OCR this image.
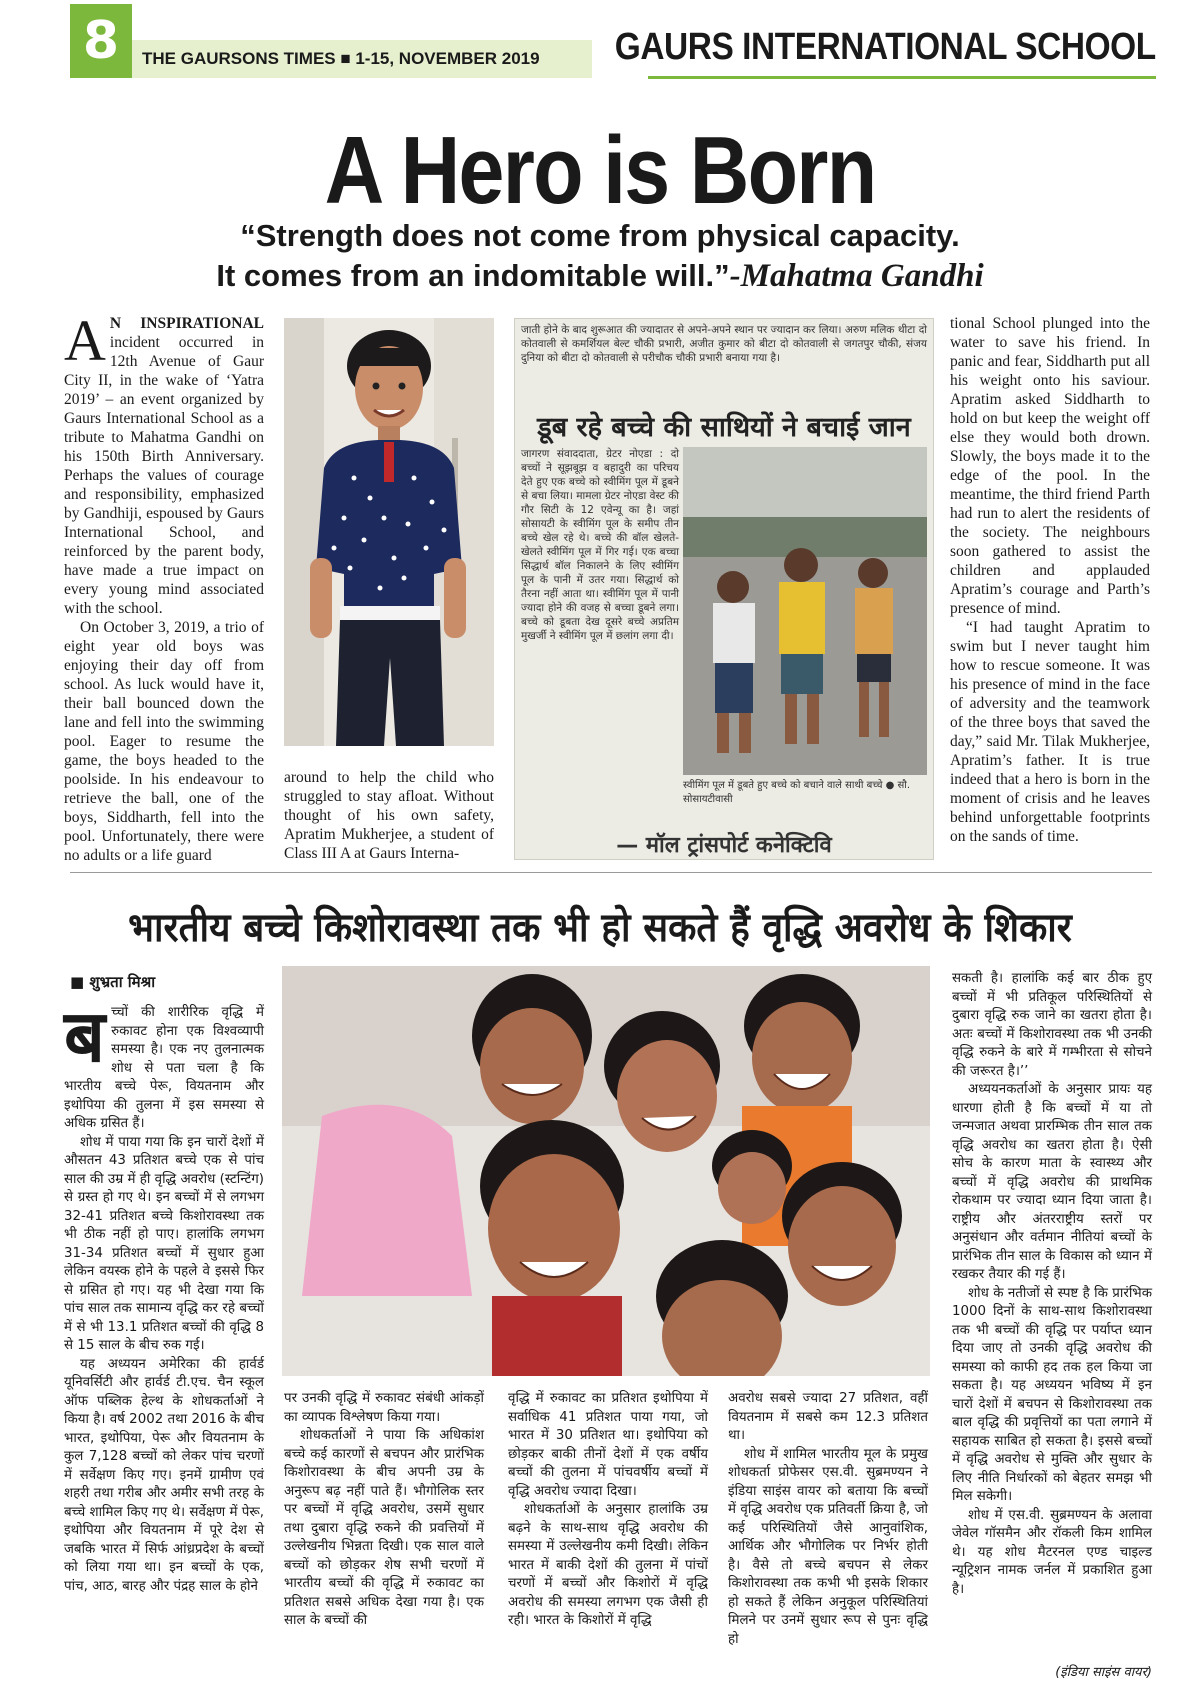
8	THE GAURSONS TIMES ■ 1-15, NOVEMBER 2019 GAURS INTERNATIONAL SCHOOL
A Hero is Born
“Strength does not come from physical capacity.
It comes from an indomitable will.”-Mahatma Gandhi

A N INSPIRATIONAL incident occurred in 12th Avenue of Gaur City II, in the wake of ‘Yatra 2019’ – an event organized by Gaurs International School as a tribute to Mahatma Gandhi on his 150th Birth Anniversary. Perhaps the values of courage and responsibility, emphasized by Gandhiji, espoused by Gaurs International School, and reinforced by the parent body, have made a true impact on every young mind associated with the school.

On October 3, 2019, a trio of eight year old boys was enjoying their day off from school. As luck would have it, their ball bounced down the lane and fell into the swimming pool. Eager to resume the game, the boys headed to the poolside. In his endeavour to retrieve the ball, one of the boys, Siddharth, fell into the pool. Unfortunately, there were no adults or a life guard

around to help the child who struggled to stay afloat. Without thought of his own safety, Apratim Mukherjee, a student of Class III A at Gaurs Interna-

जाती होने के बाद शुरूआत की ज्यादातर से अपने-अपने स्थान पर ज्यादान कर लिया। अरुण मलिक थीटा दो कोतवाली से कमर्शियल बेल्ट चौकी प्रभारी, अजीत कुमार को बीटा दो कोतवाली से जगतपुर चौकी, संजय दुनिया को बीटा दो कोतवाली से परीचौक चौकी प्रभारी बनाया गया है।
डूब रहे बच्चे की साथियों ने बचाई जान
जागरण संवाददाता, ग्रेटर नोएडा : दो बच्चों ने सूझबूझ व बहादुरी का परिचय देते हुए एक बच्चे को स्वीमिंग पूल में डूबने से बचा लिया। मामला ग्रेटर नोएडा वेस्ट की गौर सिटी के 12 एवेन्यू का है। जहां सोसायटी के स्वीमिंग पूल के समीप तीन बच्चे खेल रहे थे। बच्चे की बॉल खेलते-खेलते स्वीमिंग पूल में गिर गई। एक बच्चा सिद्धार्थ बॉल निकालने के लिए स्वीमिंग पूल के पानी में उतर गया। सिद्धार्थ को तैरना नहीं आता था। स्वीमिंग पूल में पानी ज्यादा होने की वजह से बच्चा डूबने लगा। बच्चे को डूबता देख दूसरे बच्चे अप्रतिम मुखर्जी ने स्वीमिंग पूल में छलांग लगा दी।
स्वीमिंग पूल में डूबते हुए बच्चे को बचाने वाले साथी बच्चे ● सौ. सोसायटीवासी
— मॉल ट्रांसपोर्ट कनेक्टिवि

tional School plunged into the water to save his friend. In panic and fear, Siddharth put all his weight onto his saviour. Apratim asked Siddharth to hold on but keep the weight off else they would both drown. Slowly, the boys made it to the edge of the pool. In the meantime, the third friend Parth had run to alert the residents of the society. The neighbours soon gathered to assist the children and applauded Apratim’s courage and Parth’s presence of mind.

“I had taught Apratim to swim but I never taught him how to rescue someone. It was his presence of mind in the face of adversity and the teamwork of the three boys that saved the day,” said Mr. Tilak Mukherjee, Apratim’s father. It is true indeed that a hero is born in the moment of crisis and he leaves behind unforgettable footprints on the sands of time.

भारतीय बच्चे किशोरावस्था तक भी हो सकते हैं वृद्धि अवरोध के शिकार
■ शुभ्रता मिश्रा

बच्चों की शारीरिक वृद्धि में रुकावट होना एक विश्वव्यापी समस्या है। एक नए तुलनात्मक शोध से पता चला है कि भारतीय बच्चे पेरू, वियतनाम और इथोपिया की तुलना में इस समस्या से अधिक ग्रसित हैं।

शोध में पाया गया कि इन चारों देशों में औसतन 43 प्रतिशत बच्चे एक से पांच साल की उम्र में ही वृद्धि अवरोध (स्टन्टिंग) से ग्रस्त हो गए थे। इन बच्चों में से लगभग 32-41 प्रतिशत बच्चे किशोरावस्था तक भी ठीक नहीं हो पाए। हालांकि लगभग 31-34 प्रतिशत बच्चों में सुधार हुआ लेकिन वयस्क होने के पहले वे इससे फिर से ग्रसित हो गए। यह भी देखा गया कि पांच साल तक सामान्य वृद्धि कर रहे बच्चों में से भी 13.1 प्रतिशत बच्चों की वृद्धि 8 से 15 साल के बीच रुक गई।

यह अध्ययन अमेरिका की हार्वर्ड यूनिवर्सिटी और हार्वर्ड टी.एच. चैन स्कूल ऑफ पब्लिक हेल्थ के शोधकर्ताओं ने किया है। वर्ष 2002 तथा 2016 के बीच भारत, इथोपिया, पेरू और वियतनाम के कुल 7,128 बच्चों को लेकर पांच चरणों में सर्वेक्षण किए गए। इनमें ग्रामीण एवं शहरी तथा गरीब और अमीर सभी तरह के बच्चे शामिल किए गए थे। सर्वेक्षण में पेरू, इथोपिया और वियतनाम में पूरे देश से जबकि भारत में सिर्फ आंध्रप्रदेश के बच्चों को लिया गया था। इन बच्चों के एक, पांच, आठ, बारह और पंद्रह साल के होने

पर उनकी वृद्धि में रुकावट संबंधी आंकड़ों का व्यापक विश्लेषण किया गया।

शोधकर्ताओं ने पाया कि अधिकांश बच्चे कई कारणों से बचपन और प्रारंभिक किशोरावस्था के बीच अपनी उम्र के अनुरूप बढ़ नहीं पाते हैं। भौगोलिक स्तर पर बच्चों में वृद्धि अवरोध, उसमें सुधार तथा दुबारा वृद्धि रुकने की प्रवत्तियों में उल्लेखनीय भिन्नता दिखी। एक साल वाले बच्चों को छोड़कर शेष सभी चरणों में भारतीय बच्चों की वृद्धि में रुकावट का प्रतिशत सबसे अधिक देखा गया है। एक साल के बच्चों की

वृद्धि में रुकावट का प्रतिशत इथोपिया में सर्वाधिक 41 प्रतिशत पाया गया, जो भारत में 30 प्रतिशत था। इथोपिया को छोड़कर बाकी तीनों देशों में एक वर्षीय बच्चों की तुलना में पांचवर्षीय बच्चों में वृद्धि अवरोध ज्यादा दिखा।

शोधकर्ताओं के अनुसार हालांकि उम्र बढ़ने के साथ-साथ वृद्धि अवरोध की समस्या में उल्लेखनीय कमी दिखी। लेकिन भारत में बाकी देशों की तुलना में पांचों चरणों में बच्चों और किशोरों में वृद्धि अवरोध की समस्या लगभग एक जैसी ही रही। भारत के किशोरों में वृद्धि

अवरोध सबसे ज्यादा 27 प्रतिशत, वहीं वियतनाम में सबसे कम 12.3 प्रतिशत था।

शोध में शामिल भारतीय मूल के प्रमुख शोधकर्ता प्रोफेसर एस.वी. सुब्रमण्यन ने इंडिया साइंस वायर को बताया कि बच्चों में वृद्धि अवरोध एक प्रतिवर्ती क्रिया है, जो कई परिस्थितियों जैसे आनुवांशिक, आर्थिक और भौगोलिक पर निर्भर होती है। वैसे तो बच्चे बचपन से लेकर किशोरावस्था तक कभी भी इसके शिकार हो सकते हैं लेकिन अनुकूल परिस्थितियां मिलने पर उनमें सुधार रूप से पुनः वृद्धि हो

सकती है। हालांकि कई बार ठीक हुए बच्चों में भी प्रतिकूल परिस्थितियों से दुबारा वृद्धि रुक जाने का खतरा होता है। अतः बच्चों में किशोरावस्था तक भी उनकी वृद्धि रुकने के बारे में गम्भीरता से सोचने की जरूरत है।’’

अध्ययनकर्ताओं के अनुसार प्रायः यह धारणा होती है कि बच्चों में या तो जन्मजात अथवा प्रारम्भिक तीन साल तक वृद्धि अवरोध का खतरा होता है। ऐसी सोच के कारण माता के स्वास्थ्य और बच्चों में वृद्धि अवरोध की प्राथमिक रोकथाम पर ज्यादा ध्यान दिया जाता है। राष्ट्रीय और अंतरराष्ट्रीय स्तरों पर अनुसंधान और वर्तमान नीतियां बच्चों के प्रारंभिक तीन साल के विकास को ध्यान में रखकर तैयार की गई हैं।

शोध के नतीजों से स्पष्ट है कि प्रारंभिक 1000 दिनों के साथ-साथ किशोरावस्था तक भी बच्चों की वृद्धि पर पर्याप्त ध्यान दिया जाए तो उनकी वृद्धि अवरोध की समस्या को काफी हद तक हल किया जा सकता है। यह अध्ययन भविष्य में इन चारों देशों में बचपन से किशोरावस्था तक बाल वृद्धि की प्रवृत्तियों का पता लगाने में सहायक साबित हो सकता है। इससे बच्चों में वृद्धि अवरोध से मुक्ति और सुधार के लिए नीति निर्धारकों को बेहतर समझ भी मिल सकेगी।

शोध में एस.वी. सुब्रमण्यन के अलावा जेवेल गॉसमैन और रॉकली किम शामिल थे। यह शोध मैटरनल एण्ड चाइल्ड न्यूट्रिशन नामक जर्नल में प्रकाशित हुआ है।

(इंडिया साइंस वायर)
